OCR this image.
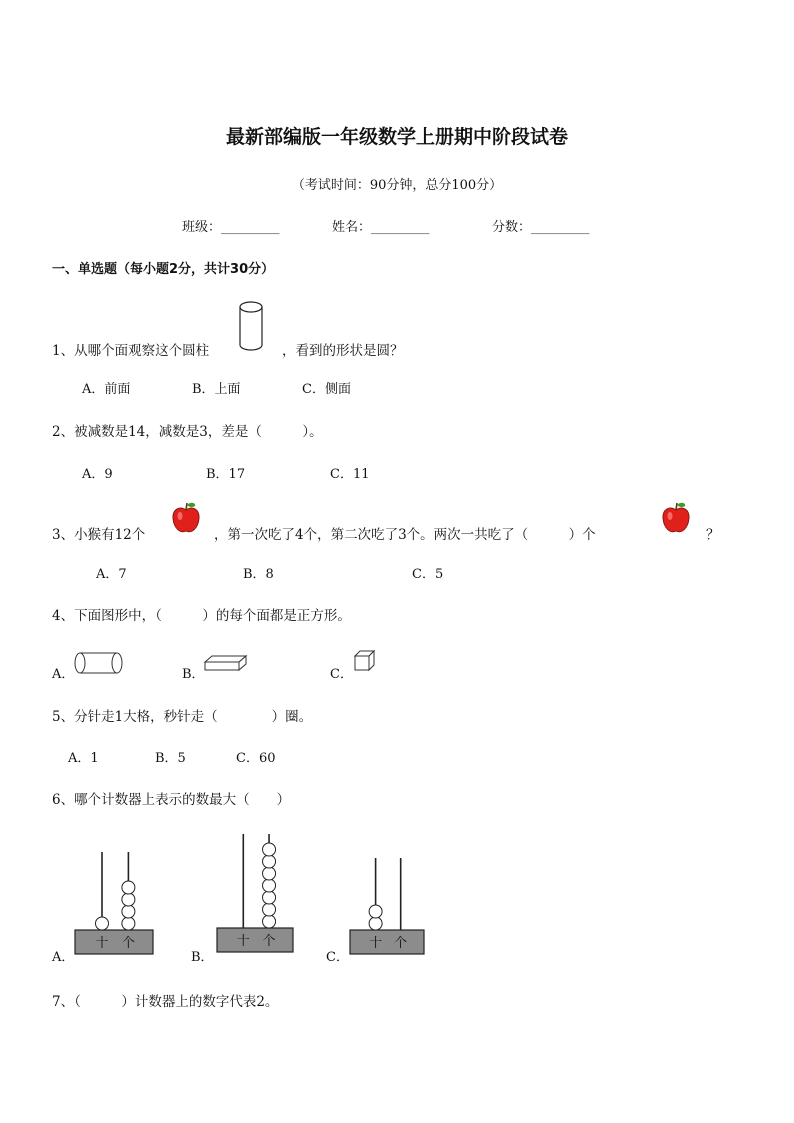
最新部编版一年级数学上册期中阶段试卷
（考试时间：90分钟，总分100分）
班级：_________	姓名：_________	分数：_________
一、单选题（每小题2分，共计30分）
1、从哪个面观察这个圆柱	，看到的形状是圆？
A．前面	B．上面	C．侧面
2、被减数是14，减数是3，差是（　　　）。
A．9	B．17	C．11
3、小猴有12个	，第一次吃了4个，第二次吃了3个。两次一共吃了（　　　）个	？
A．7	B．8	C．5
4、下面图形中，（　　　）的每个面都是正方形。
A．	B．	C．
5、分针走1大格，秒针走（　　　　）圈。
A．1	B．5	C．60
6、哪个计数器上表示的数最大（　　）
A．	B．	C．
十 个	十 个	十 个
7、（　　　）计数器上的数字代表2。
